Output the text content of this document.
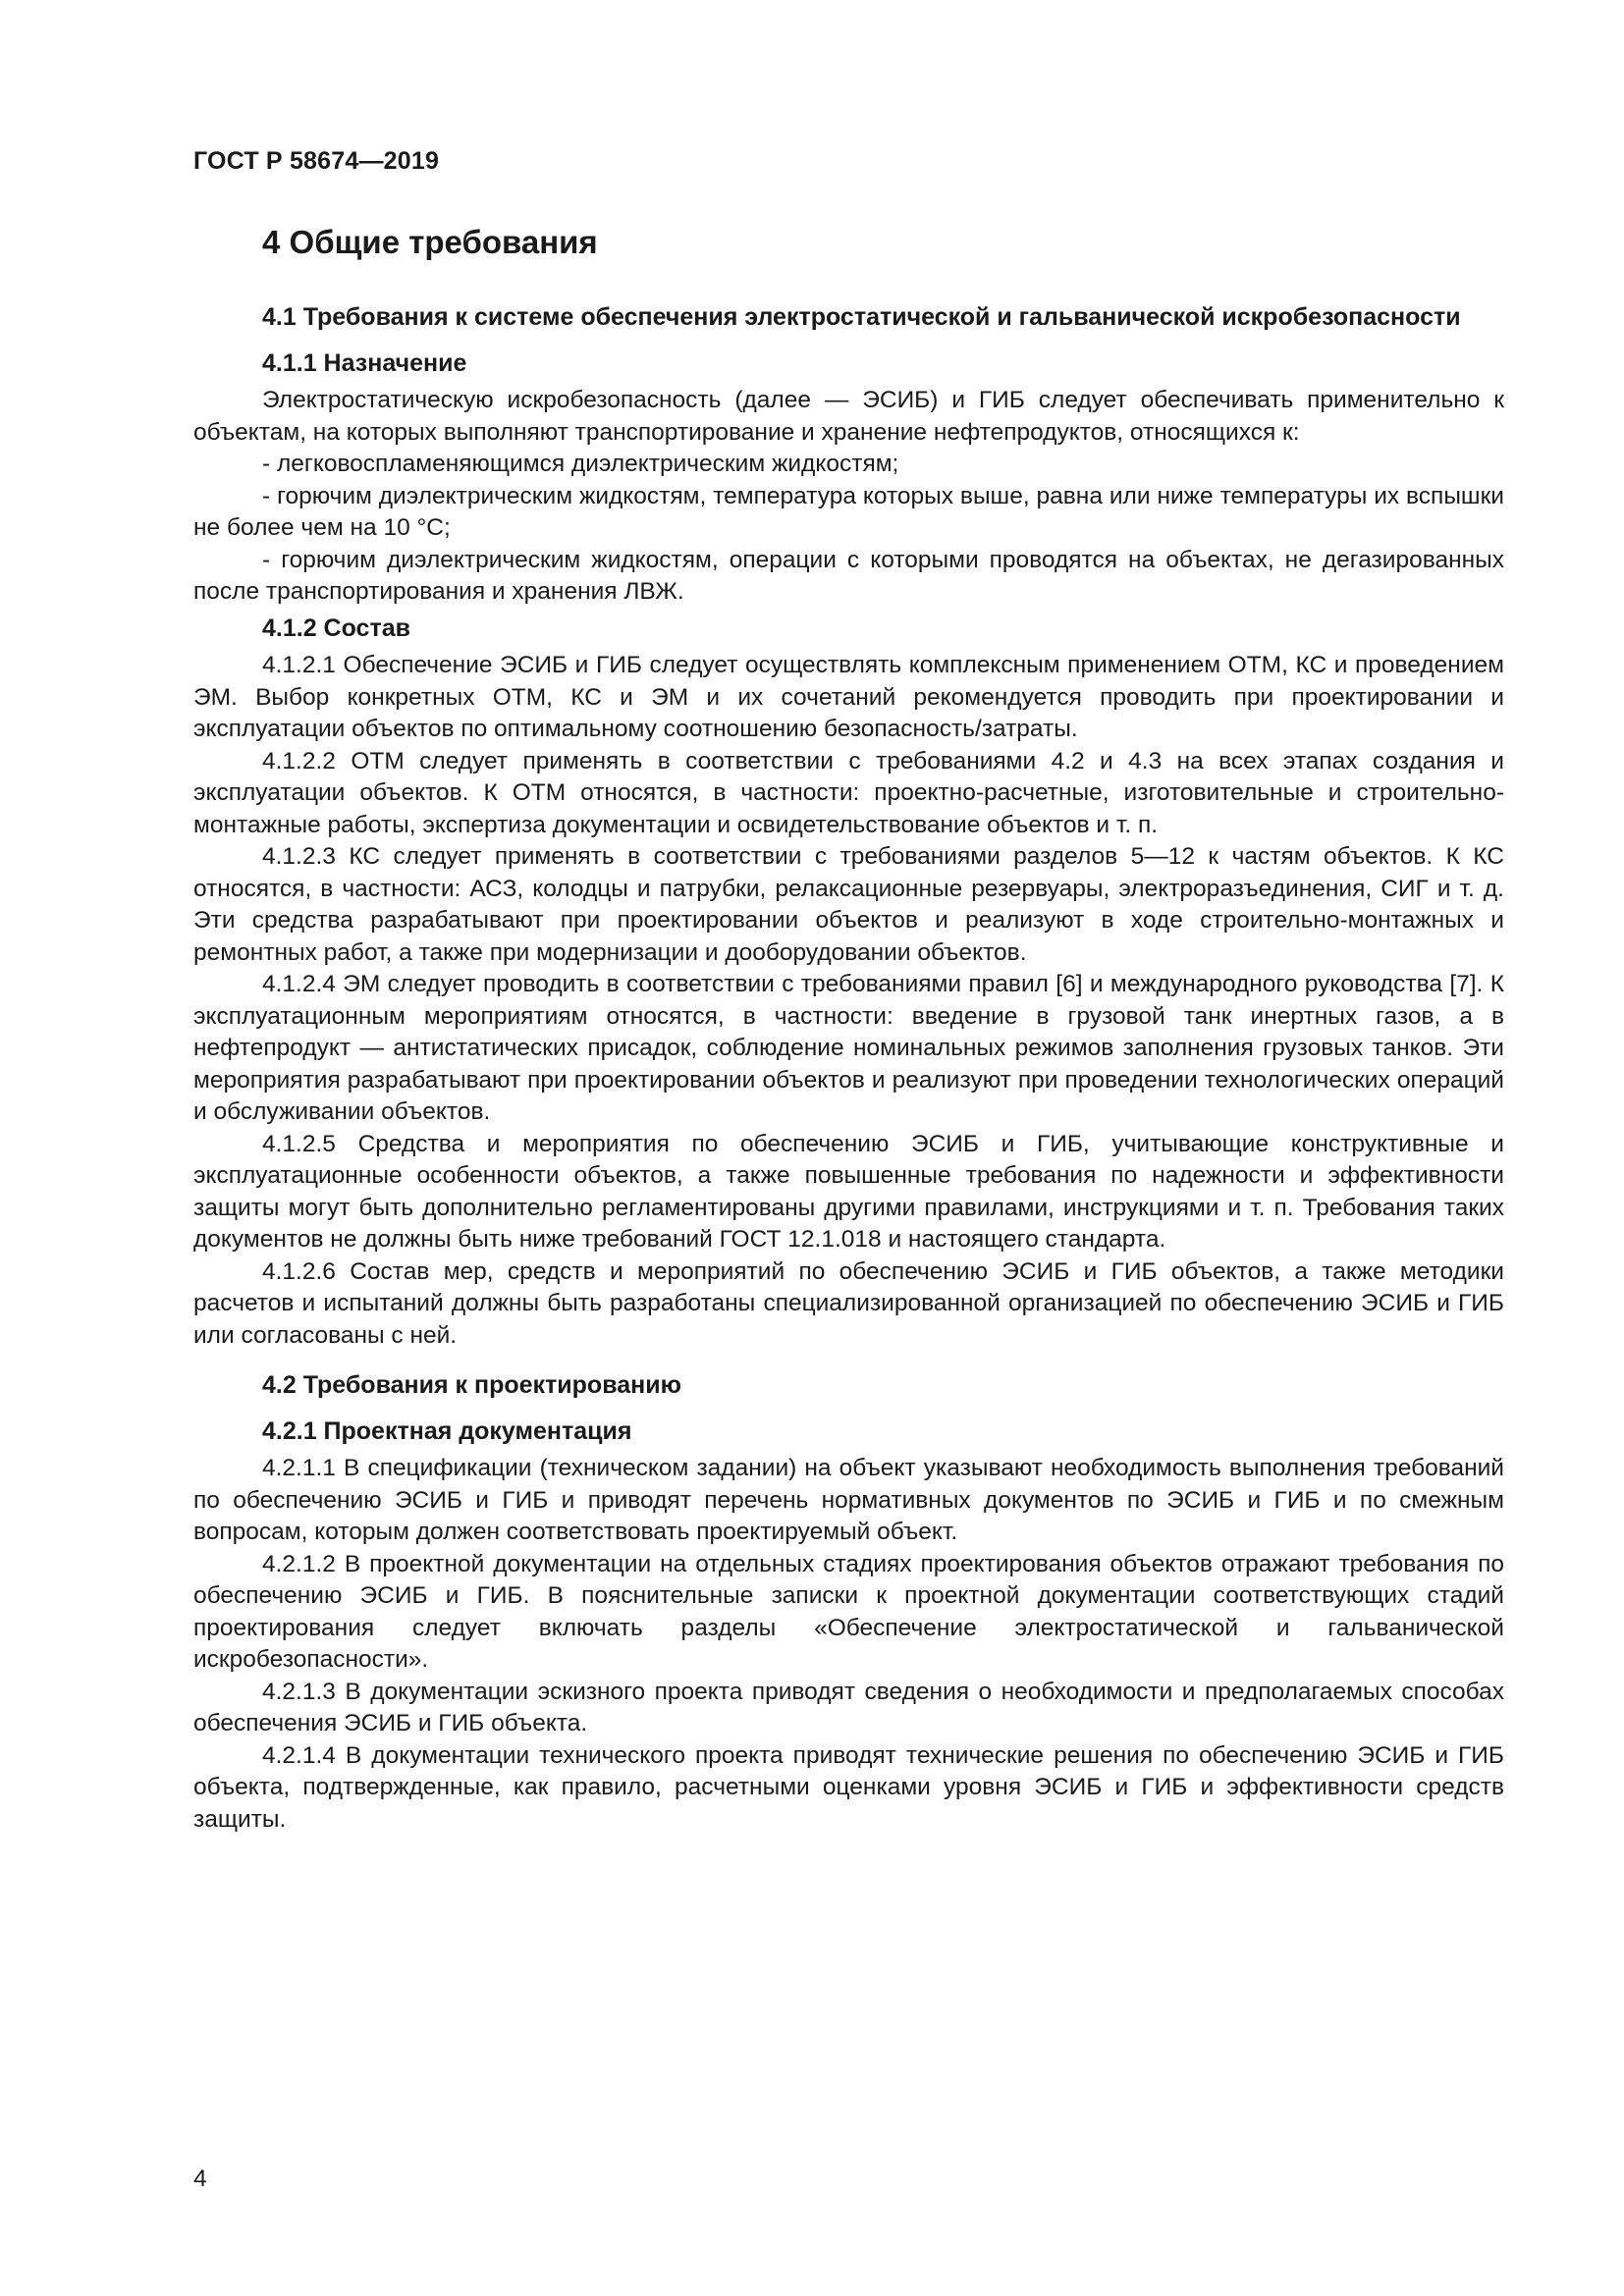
ГОСТ Р 58674—2019
4 Общие требования
4.1 Требования к системе обеспечения электростатической и гальванической искробезопасности
4.1.1 Назначение

Электростатическую искробезопасность (далее — ЭСИБ) и ГИБ следует обеспечивать применительно к объектам, на которых выполняют транспортирование и хранение нефтепродуктов, относящихся к:

- легковоспламеняющимся диэлектрическим жидкостям;

- горючим диэлектрическим жидкостям, температура которых выше, равна или ниже температуры их вспышки не более чем на 10 °С;

- горючим диэлектрическим жидкостям, операции с которыми проводятся на объектах, не дегазированных после транспортирования и хранения ЛВЖ.

4.1.2 Состав

4.1.2.1 Обеспечение ЭСИБ и ГИБ следует осуществлять комплексным применением ОТМ, КС и проведением ЭМ. Выбор конкретных ОТМ, КС и ЭМ и их сочетаний рекомендуется проводить при проектировании и эксплуатации объектов по оптимальному соотношению безопасность/затраты.

4.1.2.2 ОТМ следует применять в соответствии с требованиями 4.2 и 4.3 на всех этапах создания и эксплуатации объектов. К ОТМ относятся, в частности: проектно-расчетные, изготовительные и строительно-монтажные работы, экспертиза документации и освидетельствование объектов и т. п.

4.1.2.3 КС следует применять в соответствии с требованиями разделов 5—12 к частям объектов. К КС относятся, в частности: АСЗ, колодцы и патрубки, релаксационные резервуары, электроразъединения, СИГ и т. д. Эти средства разрабатывают при проектировании объектов и реализуют в ходе строительно-монтажных и ремонтных работ, а также при модернизации и дооборудовании объектов.

4.1.2.4 ЭМ следует проводить в соответствии с требованиями правил [6] и международного руководства [7]. К эксплуатационным мероприятиям относятся, в частности: введение в грузовой танк инертных газов, а в нефтепродукт — антистатических присадок, соблюдение номинальных режимов заполнения грузовых танков. Эти мероприятия разрабатывают при проектировании объектов и реализуют при проведении технологических операций и обслуживании объектов.

4.1.2.5 Средства и мероприятия по обеспечению ЭСИБ и ГИБ, учитывающие конструктивные и эксплуатационные особенности объектов, а также повышенные требования по надежности и эффективности защиты могут быть дополнительно регламентированы другими правилами, инструкциями и т. п. Требования таких документов не должны быть ниже требований ГОСТ 12.1.018 и настоящего стандарта.

4.1.2.6 Состав мер, средств и мероприятий по обеспечению ЭСИБ и ГИБ объектов, а также методики расчетов и испытаний должны быть разработаны специализированной организацией по обеспечению ЭСИБ и ГИБ или согласованы с ней.

4.2 Требования к проектированию
4.2.1 Проектная документация

4.2.1.1 В спецификации (техническом задании) на объект указывают необходимость выполнения требований по обеспечению ЭСИБ и ГИБ и приводят перечень нормативных документов по ЭСИБ и ГИБ и по смежным вопросам, которым должен соответствовать проектируемый объект.

4.2.1.2 В проектной документации на отдельных стадиях проектирования объектов отражают требования по обеспечению ЭСИБ и ГИБ. В пояснительные записки к проектной документации соответствующих стадий проектирования следует включать разделы «Обеспечение электростатической и гальванической искробезопасности».

4.2.1.3 В документации эскизного проекта приводят сведения о необходимости и предполагаемых способах обеспечения ЭСИБ и ГИБ объекта.

4.2.1.4 В документации технического проекта приводят технические решения по обеспечению ЭСИБ и ГИБ объекта, подтвержденные, как правило, расчетными оценками уровня ЭСИБ и ГИБ и эффективности средств защиты.

4
